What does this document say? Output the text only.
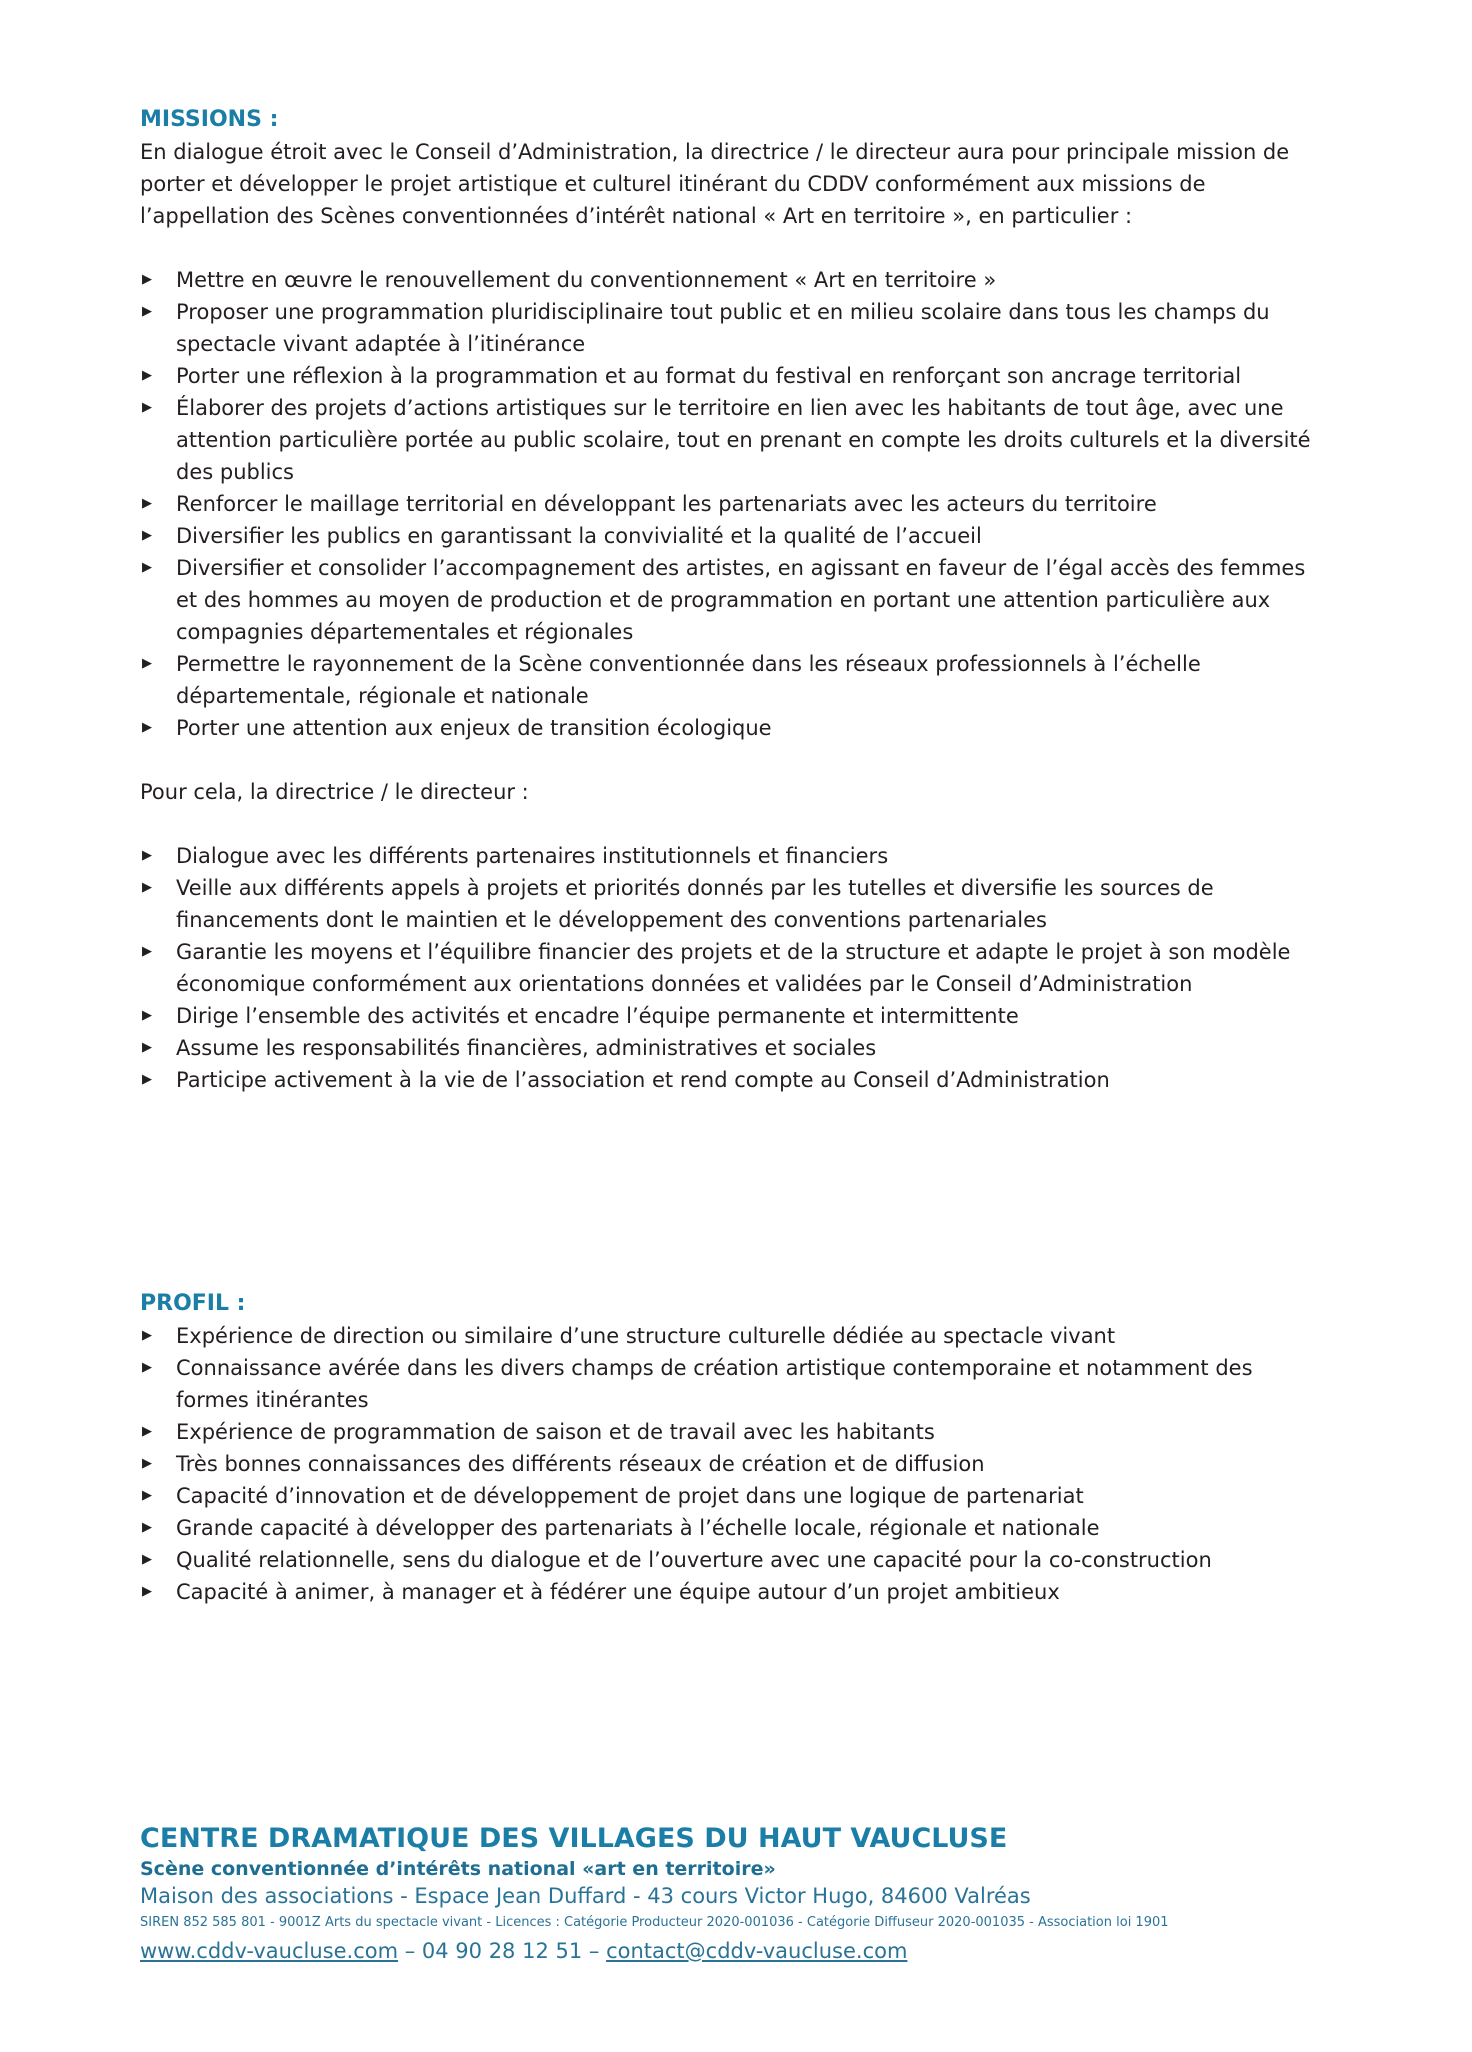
MISSIONS :

En dialogue étroit avec le Conseil d’Administration, la directrice / le directeur aura pour principale mission de porter et développer le projet artistique et culturel itinérant du CDDV conformément aux missions de l’appellation des Scènes conventionnées d’intérêt national « Art en territoire », en particulier :

▶ Mettre en œuvre le renouvellement du conventionnement « Art en territoire »
▶ Proposer une programmation pluridisciplinaire tout public et en milieu scolaire dans tous les champs du spectacle vivant adaptée à l’itinérance
▶ Porter une réflexion à la programmation et au format du festival en renforçant son ancrage territorial
▶ Élaborer des projets d’actions artistiques sur le territoire en lien avec les habitants de tout âge, avec une attention particulière portée au public scolaire, tout en prenant en compte les droits culturels et la diversité des publics
▶ Renforcer le maillage territorial en développant les partenariats avec les acteurs du territoire
▶ Diversifier les publics en garantissant la convivialité et la qualité de l’accueil
▶ Diversifier et consolider l’accompagnement des artistes, en agissant en faveur de l’égal accès des femmes et des hommes au moyen de production et de programmation en portant une attention particulière aux compagnies départementales et régionales
▶ Permettre le rayonnement de la Scène conventionnée dans les réseaux professionnels à l’échelle départementale, régionale et nationale
▶ Porter une attention aux enjeux de transition écologique

Pour cela, la directrice / le directeur :

▶ Dialogue avec les différents partenaires institutionnels et financiers
▶ Veille aux différents appels à projets et priorités donnés par les tutelles et diversifie les sources de financements dont le maintien et le développement des conventions partenariales
▶ Garantie les moyens et l’équilibre financier des projets et de la structure et adapte le projet à son modèle économique conformément aux orientations données et validées par le Conseil d’Administration
▶ Dirige l’ensemble des activités et encadre l’équipe permanente et intermittente
▶ Assume les responsabilités financières, administratives et sociales
▶ Participe activement à la vie de l’association et rend compte au Conseil d’Administration
PROFIL :
▶ Expérience de direction ou similaire d’une structure culturelle dédiée au spectacle vivant
▶ Connaissance avérée dans les divers champs de création artistique contemporaine et notamment des formes itinérantes
▶ Expérience de programmation de saison et de travail avec les habitants
▶ Très bonnes connaissances des différents réseaux de création et de diffusion
▶ Capacité d’innovation et de développement de projet dans une logique de partenariat
▶ Grande capacité à développer des partenariats à l’échelle locale, régionale et nationale
▶ Qualité relationnelle, sens du dialogue et de l’ouverture avec une capacité pour la co-construction
▶ Capacité à animer, à manager et à fédérer une équipe autour d’un projet ambitieux
CENTRE DRAMATIQUE DES VILLAGES DU HAUT VAUCLUSE
Scène conventionnée d’intérêts national «art en territoire»
Maison des associations - Espace Jean Duffard - 43 cours Victor Hugo, 84600 Valréas
SIREN 852 585 801 - 9001Z Arts du spectacle vivant - Licences : Catégorie Producteur 2020-001036 - Catégorie Diffuseur 2020-001035 - Association loi 1901
www.cddv-vaucluse.com – 04 90 28 12 51 – contact@cddv-vaucluse.com
